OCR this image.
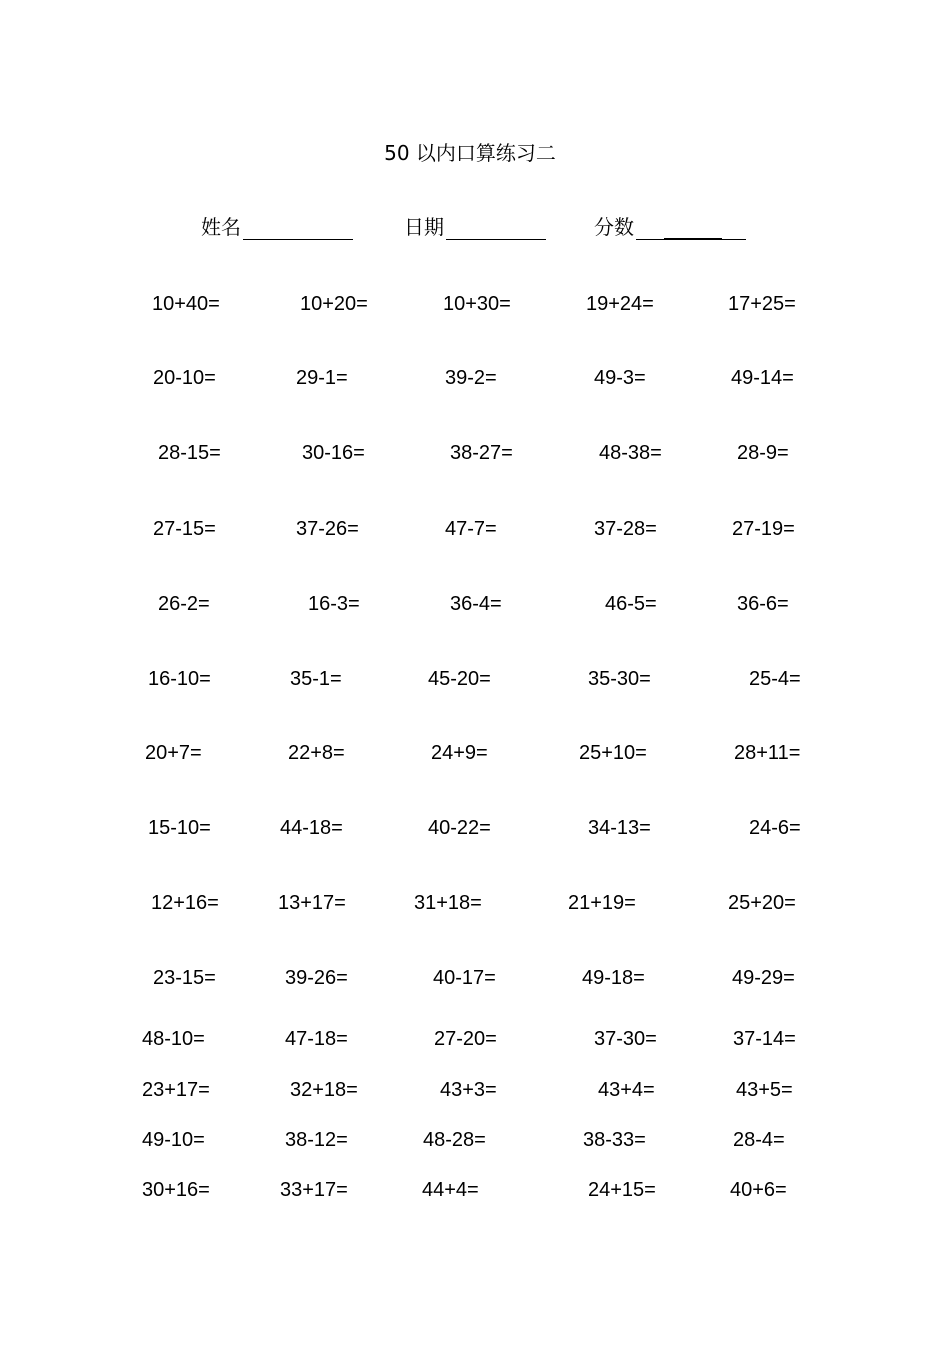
50 以内口算练习二
姓名	日期	分数
10+40=	10+20=	10+30=	19+24=	17+25=
20-10=	29-1=	39-2=	49-3=	49-14=
28-15=	30-16=	38-27=	48-38=	28-9=
27-15=	37-26=	47-7=	37-28=	27-19=
26-2=	16-3=	36-4=	46-5=	36-6=
16-10=	35-1=	45-20=	35-30=	25-4=
20+7=	22+8=	24+9=	25+10=	28+11=
15-10=	44-18=	40-22=	34-13=	24-6=
12+16=	13+17=	31+18=	21+19=	25+20=
23-15=	39-26=	40-17=	49-18=	49-29=
48-10=	47-18=	27-20=	37-30=	37-14=
23+17=	32+18=	43+3=	43+4=	43+5=
49-10=	38-12=	48-28=	38-33=	28-4=
30+16=	33+17=	44+4=	24+15=	40+6=
